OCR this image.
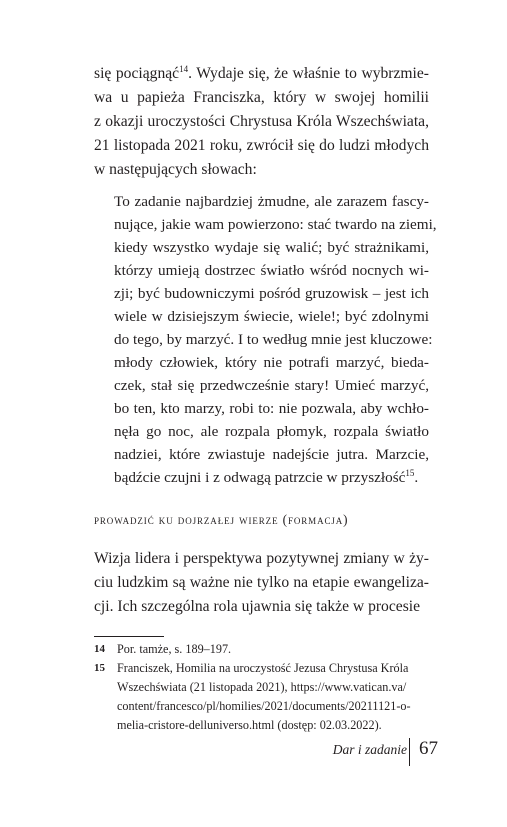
się pociągnąć$^{14}$. Wydaje się, że właśnie to wybrzmie-
wa u papieża Franciszka, który w swojej homilii
z okazji uroczystości Chrystusa Króla Wszechświata,
21 listopada 2021 roku, zwrócił się do ludzi młodych
w następujących słowach:
To zadanie najbardziej żmudne, ale zarazem fascy-
nujące, jakie wam powierzono: stać twardo na ziemi,
kiedy wszystko wydaje się walić; być strażnikami,
którzy umieją dostrzec światło wśród nocnych wi-
zji; być budowniczymi pośród gruzowisk – jest ich
wiele w dzisiejszym świecie, wiele!; być zdolnymi
do tego, by marzyć. I to według mnie jest kluczowe:
młody człowiek, który nie potrafi marzyć, bieda-
czek, stał się przedwcześnie stary! Umieć marzyć,
bo ten, kto marzy, robi to: nie pozwala, aby wchło-
nęła go noc, ale rozpala płomyk, rozpala światło
nadziei, które zwiastuje nadejście jutra. Marzcie,
bądźcie czujni i z odwagą patrzcie w przyszłość$^{15}$.
prowadzić ku dojrzałej wierze (formacja)
Wizja lidera i perspektywa pozytywnej zmiany w ży-
ciu ludzkim są ważne nie tylko na etapie ewangeliza-
cji. Ich szczególna rola ujawnia się także w procesie
14 Por. tamże, s. 189–197.
15 Franciszek, Homilia na uroczystość Jezusa Chrystusa Króla
Wszechświata (21 listopada 2021), https://www.vatican.va/
content/francesco/pl/homilies/2021/documents/20211121-o-
melia-cristore-delluniverso.html (dostęp: 02.03.2022).
Dar i zadanie 67
